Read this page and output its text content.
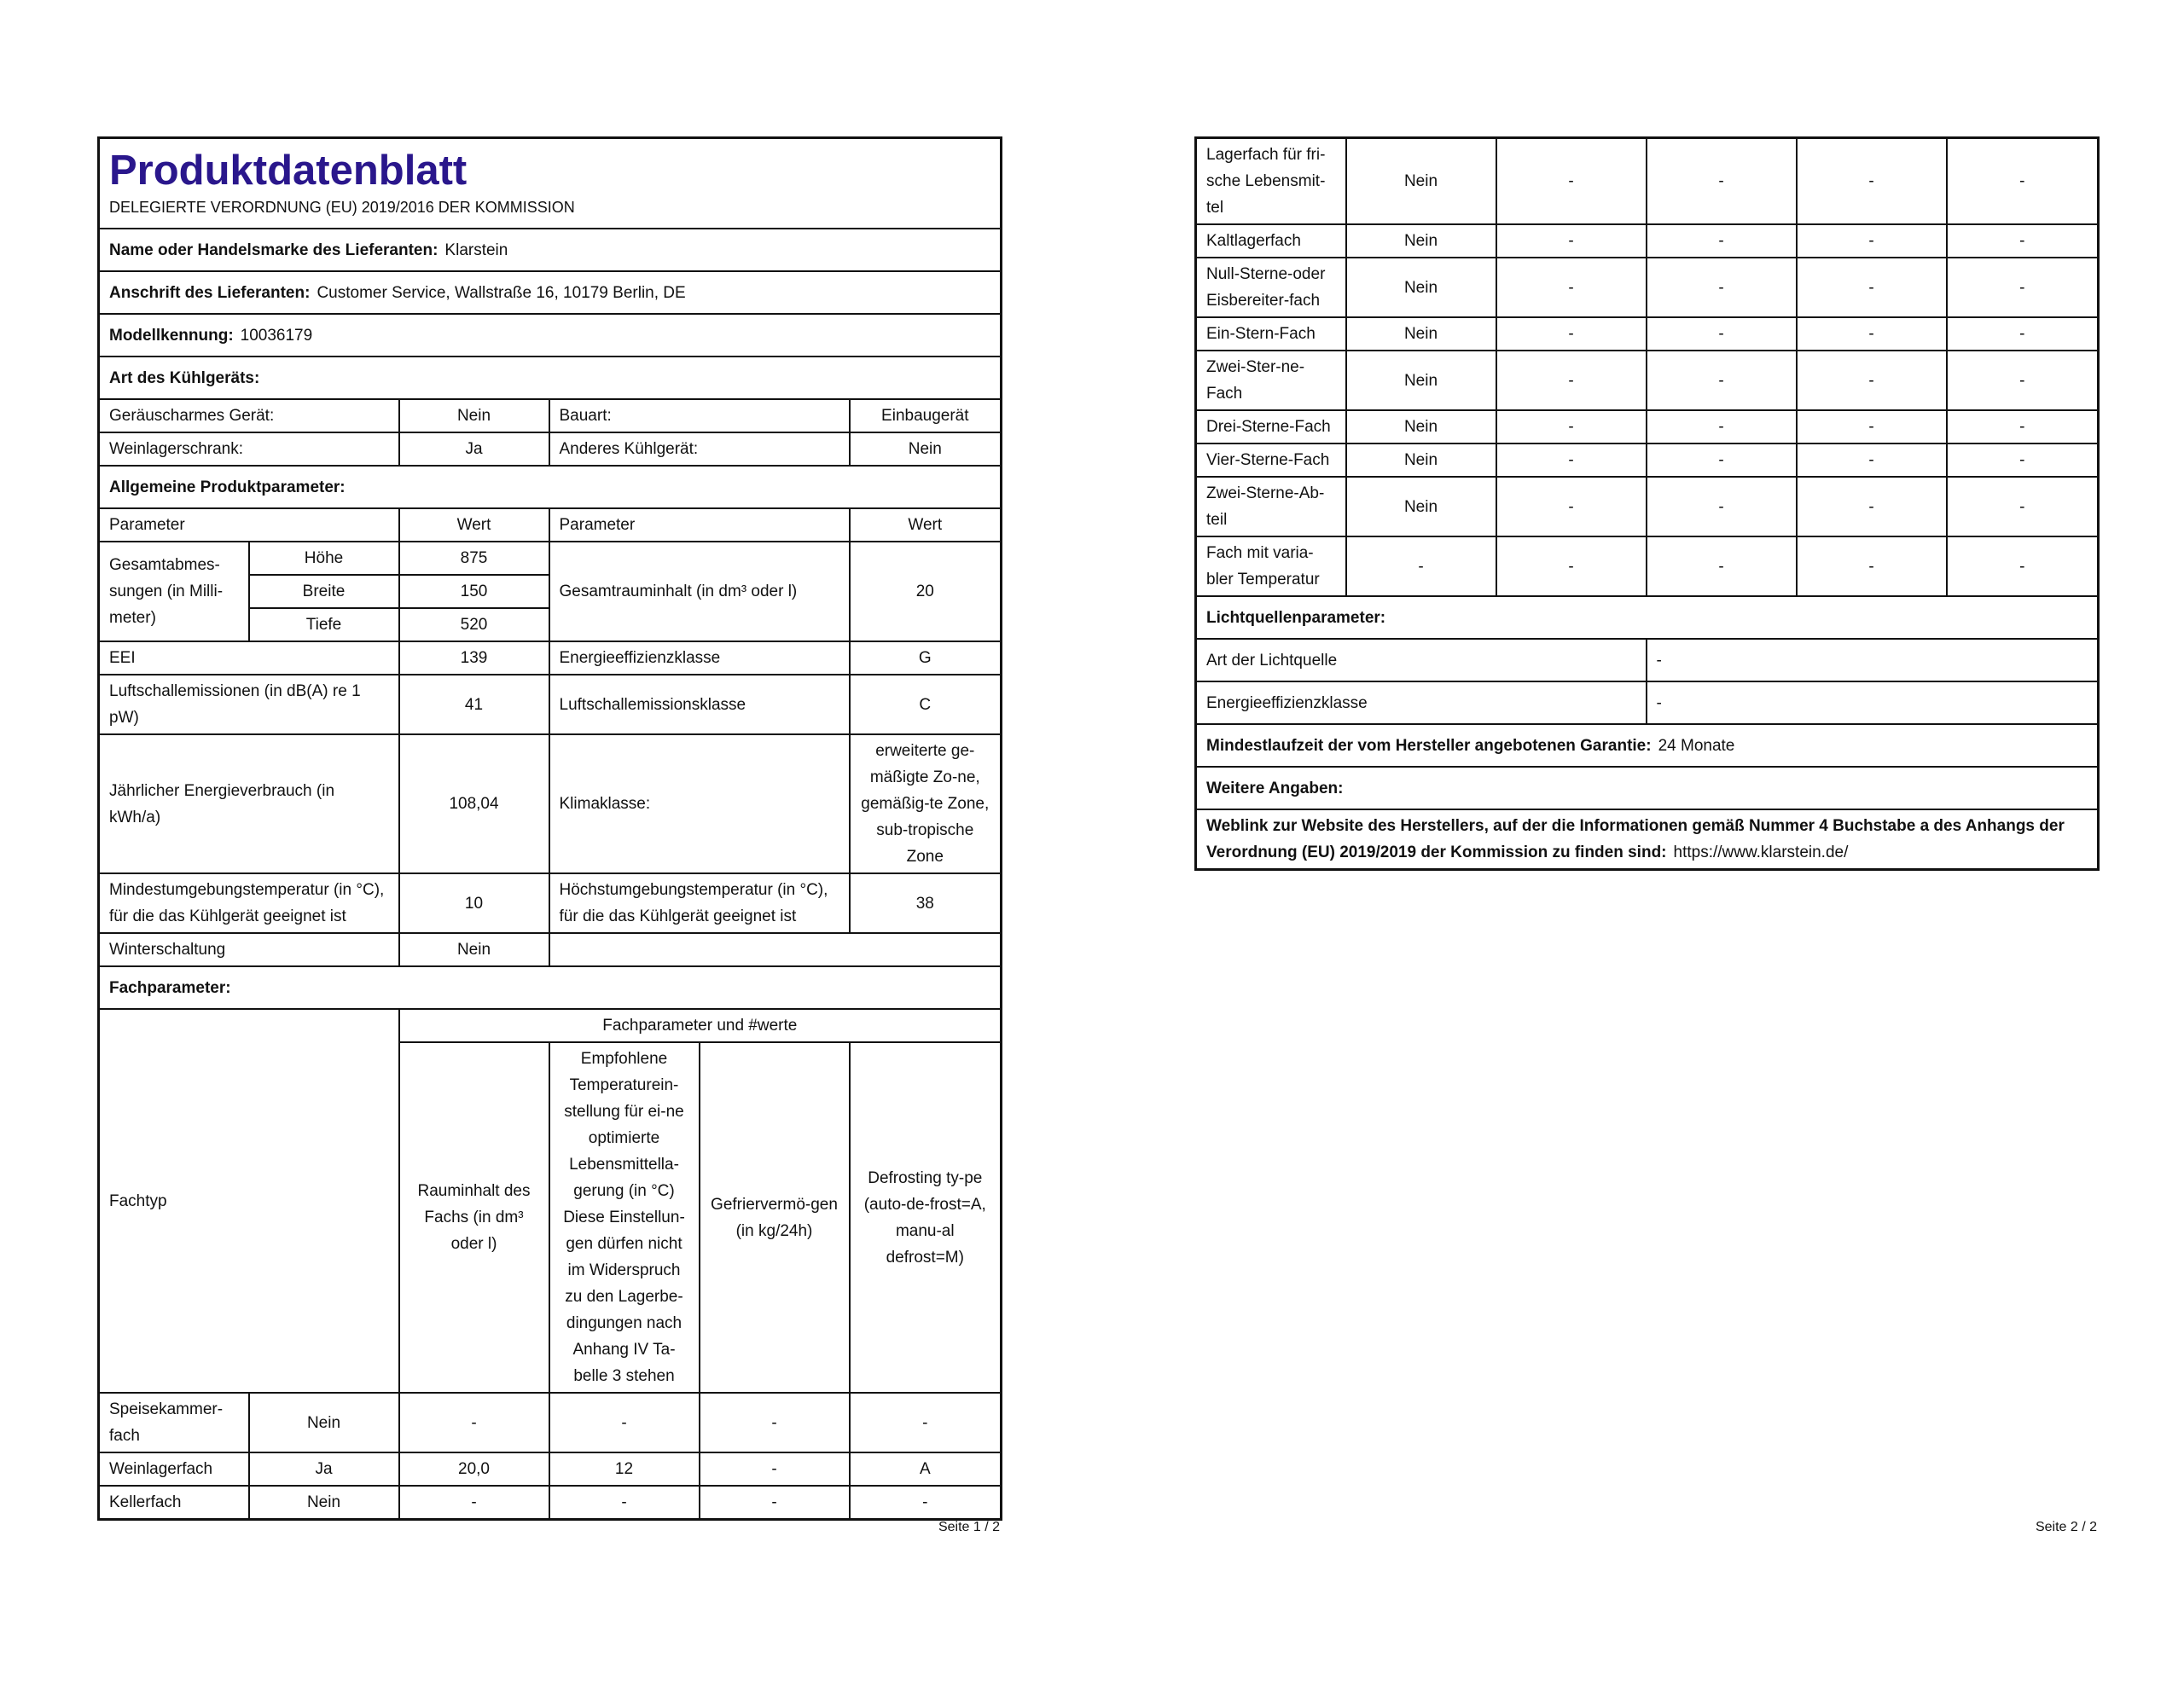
Produktdatenblatt
DELEGIERTE VERORDNUNG (EU) 2019/2016 DER KOMMISSION					

Name oder Handelsmarke des Lieferanten: Klarstein					
Anschrift des Lieferanten: Customer Service, Wallstraße 16, 10179 Berlin, DE					
Modellkennung: 10036179					
Art des Kühlgeräts:					
Geräuscharmes Gerät:		Nein	Bauart:		Einbaugerät
Weinlagerschrank:		Ja	Anderes Kühlgerät:		Nein
Allgemeine Produktparameter:					
Parameter		Wert	Parameter		Wert
Gesamtabmes-sungen (in Milli-meter)	Höhe	875	Gesamtrauminhalt (in dm³ oder l)		20
	Breite	150			
	Tiefe	520			
EEI		139	Energieeffizienzklasse		G
Luftschallemissionen (in dB(A) re 1 pW)		41	Luftschallemissionsklasse		C
Jährlicher Energieverbrauch (in kWh/a)		108,04	Klimaklasse:		erweiterte ge-mäßigte Zo-ne, gemäßig-te Zone, sub-tropische Zone
Mindestumgebungstemperatur (in °C), für die das Kühlgerät geeignet ist		10	Höchstumgebungstemperatur (in °C), für die das Kühlgerät geeignet ist		38
Winterschaltung		Nein			
Fachparameter:					
Fachtyp		Fachparameter und #werte			
		Rauminhalt des Fachs (in dm³ oder l)	Empfohlene Temperaturein-stellung für ei-ne optimierte Lebensmittella-gerung (in °C) Diese Einstellun-gen dürfen nicht im Widerspruch zu den Lagerbe-dingungen nach Anhang IV Ta-belle 3 stehen	Gefriervermö-gen (in kg/24h)	Defrosting ty-pe (auto-de-frost=A, manu-al defrost=M)
Speisekammer-fach	Nein	-	-	-	-
Weinlagerfach	Ja	20,0	12	-	A
Kellerfach	Nein	-	-	-	-
Seite 1 / 2
Lagerfach für fri-sche Lebensmit-tel	Nein	-	-	-	-
Kaltlagerfach	Nein	-	-	-	-
Null-Sterne-oder Eisbereiter-fach	Nein	-	-	-	-
Ein-Stern-Fach	Nein	-	-	-	-
Zwei-Ster-ne-Fach	Nein	-	-	-	-
Drei-Sterne-Fach	Nein	-	-	-	-
Vier-Sterne-Fach	Nein	-	-	-	-
Zwei-Sterne-Ab-teil	Nein	-	-	-	-
Fach mit varia-bler Temperatur	-	-	-	-	-
Lichtquellenparameter:					
Art der Lichtquelle			-		
Energieeffizienzklasse			-		
Mindestlaufzeit der vom Hersteller angebotenen Garantie: 24 Monate					
Weitere Angaben:					
Weblink zur Website des Herstellers, auf der die Informationen gemäß Nummer 4 Buchstabe a des Anhangs der Verordnung (EU) 2019/2019 der Kommission zu finden sind: https://www.klarstein.de/					
Seite 2 / 2
